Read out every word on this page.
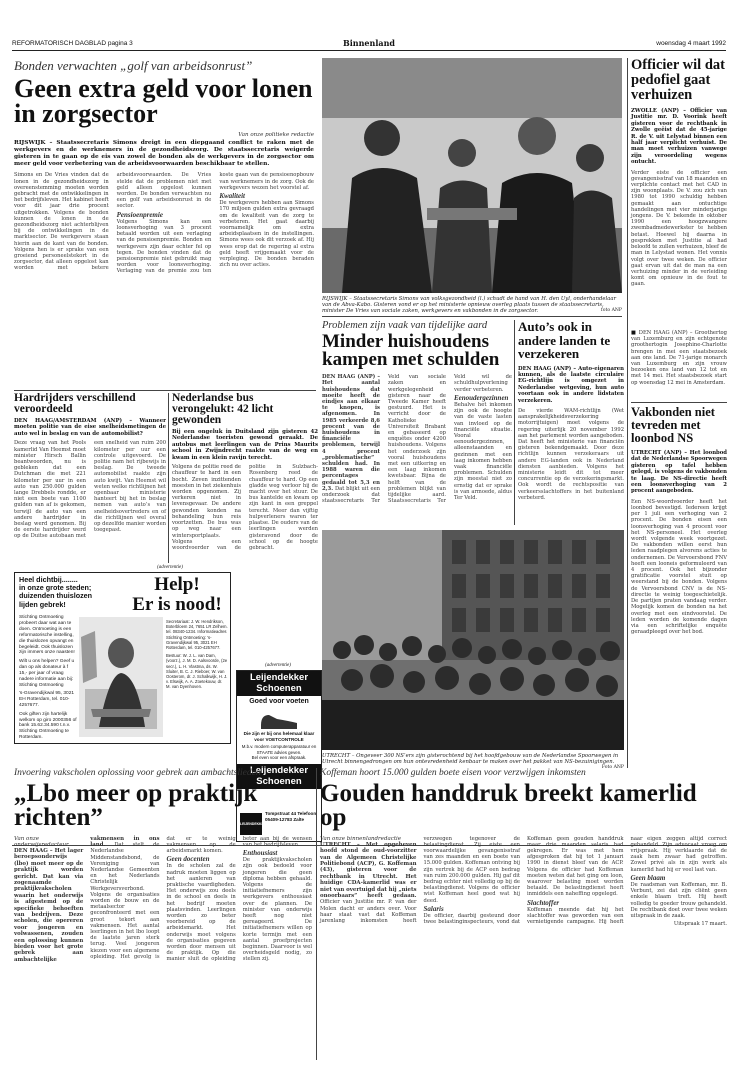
REFORMATORISCH DAGBLAD pagina 3	Binnenland	woensdag 4 maart 1992
Bonden verwachten „golf van arbeidsonrust”
Geen extra geld voor lonen in zorgsector
Van onze politieke redactie
RIJSWIJK – Staatssecretaris Simons dreigt in een diepgaand conflict te raken met de werkgevers en de werknemers in de gezondheidszorg. De staatssecretaris weigerde gisteren in te gaan op de eis van zowel de bonden als de werkgevers in de zorgsector om meer geld voor verbetering van de arbeidsvoorwaarden beschikbaar te stellen.
Simons en De Vries vinden dat de lonen in de gezondheidszorg in overeenstemming moeten worden gebracht met de ontwikkelingen in het bedrijfsleven. Het kabinet heeft voor dit jaar drie procent uitgetrokken. Volgens de bonden kunnen de lonen in de gezondheidszorg niet achterblijven bij de ontwikkelingen in de marktsector. De werkgevers staan hierin aan de kant van de bonden. Volgens hen is er sprake van een groeiend personeelstekort in de zorgsector, dat alleen opgelost kan worden met betere arbeidsvoorwaarden. De Vries stelde dat de problemen niet met geld alleen opgelost kunnen worden. De bonden verwachten nu een golf van arbeidsonrust in de sector.
Pensioenpremie
Volgens Simons kan een loonsverhoging van 3 procent betaald worden uit een verlaging van de pensioenpremie. Bonden en werkgevers zijn daar echter fel op tegen. De bonden vinden dat de pensioenpremie niet gebruikt mag worden voor loonsverhoging. Verlaging van de premie zou ten koste gaan van de pensioenopbouw van werknemers in de zorg. Ook de werkgevers wezen het voorstel af.
Kwaliteit
De werkgevers hebben aan Simons 170 miljoen gulden extra gevraagd om de kwaliteit van de zorg te verbeteren. Het gaat daarbij voornamelijk om extra arbeidsplaatsen in de instellingen. Simons wees ook dit verzoek af. Hij wees erop dat de regering al extra geld heeft vrijgemaakt voor de verpleging. De bonden beraden zich nu over acties.
Hardrijders verschillend veroordeeld
DEN HAAG/AMSTERDAM (ANP) – Wanneer moeten politie van de eise snelheidsmetingen de auto wel in beslag en van de automobilist?
Deze vraag van het Pools kamerlid Van Heemst moet minister Hirsch Ballin beantwoorden, nu is gebleken dat een Dutchman die met 221 kilometer per uur in een auto van 250.000 gulden lange Drebbels rondde, er niet een boete van 1100 gulden van af is gekomen, terwijl de auto van een andere hardrijder in beslag werd genomen. Bij de eerste hardrijder werd op de Duitse autobaan met een snelheid van ruim 200 kilometer per uur een controle uitgevoerd. De politie nam het rijbewijs in beslag. De tweede automobilist raakte zijn auto kwijt. Van Heemst wil weten welke richtlijnen het openbaar ministerie hanteert bij het in beslag nemen van auto’s van snelheidsovertreders en of die richtlijnen wel overal op dezelfde manier worden toegepast.
Nederlandse bus verongelukt: 42 licht gewonden
Bij een ongeluk in Duitsland zijn gisteren 42 Nederlandse toeristen gewond geraakt. De autobus met leerlingen van de Prins Maurits school in Zwijndrecht raakte van de weg en kwam in een klein ravijn terecht.
Volgens de politie reed de chauffeur te hard in een bocht. Zeven inzittenden moesten in het ziekenhuis worden opgenomen. Zij verkeren niet in levensgevaar. De andere gewonden konden na behandeling hun reis voortzetten. De bus was op weg naar een wintersportplaats. Volgens een woordvoerder van de politie in Sulzbach-Rosenberg reed de chauffeur te hard. Op een gladde weg verloor hij de macht over het stuur. De bus kantelde en kwam op zijn kant in een greppel terecht. Meer dan vijftig hulpverleners waren ter plaatse. De ouders van de leerlingen werden gisteravond door de school op de hoogte gebracht.
(advertentie)
Heel dichtbij........
in onze grote steden;
duizenden thuislozen
lijden gebrek!
Help!
Er is nood!
Stichting Ontmoeting probeert daar wat aan te doen. Ontmoeting is een reformatorische instelling, die thuislozen opvangt en begeleidt. Ook thuislozen zijn immers onze naasten!
Wilt u ons helpen? Geef u dan op als donateur à f 15,- per jaar of vraag nadere informatie aan bij: Stichting Ontmoeting
's-Gravendijkwal 95, 3021 EH Rotterdam, tel. 010-4257677.
Ook giften zijn hartelijk welkom op giro 2000356 of bank 15.62.34.590 t.n.v. Stichting Ontmoeting te Rotterdam.
Secretariaat: J. W. Hendrikson, Boterbloem 24, 7651 LR Zelhem. tel. 08340-1234. Informatieadres Stichting Ontmoeting: 's-Gravendijkwal 95, 3021 EH Rotterdam, tel. 010-4257677.
Bestuur: W. J. L. van Dam, (voorz.), J. M. D. Aalsvoorde, (2e secr.), L. H. Vlastma, ds. W. Sluiter, B. C. J. Rieboer, W. van Oosterom, dr. J. Schalkwijk, H. J. v. Elswijk, A. A. Zoetekouw, dr. M. van Dyenhoven.
(advertentie)
Leijendekker
Schoenen
Goed voor voeten
Die zijn er bij ons helemaal klaar voor VOETCONTROLE
M.b.v. modern computerapparatuur en STAATE advies geven.
Bel even voor een afspraak.
Leijendekker
Schoenen
LEIJENDEKKER
Tompstraat 44 Telefoon 05409-12783 Zalte
RIJSWIJK – Staatssecretaris Simons van volksgezondheid (l.) schudt de hand van H. den Uyl, onderhandelaar van de Abva-Kabo. Gisteren vond er op het ministerie opnieuw overleg plaats tussen de staatssecretaris, minister De Vries van sociale zaken, werkgevers en vakbonden in de zorgsector.	foto ANP
Problemen zijn vaak van tijdelijke aard
Minder huishoudens kampen met schulden
DEN HAAG (ANP) – Het aantal huishoudens dat moeite heeft de eindjes aan elkaar te knopen, is afgenomen. In 1985 verkeerde 8,6 procent van de huishoudens in financiële problemen, terwijl 4 procent „problematische” schulden had. In 1988 waren die percentages gedaald tot 5,3 en 2,3. Dat blijkt uit een onderzoek dat staatssecretaris Ter Veld van sociale zaken en werkgelegenheid gisteren naar de Tweede Kamer heeft gestuurd. Het is verricht door de Katholieke Universiteit Brabant en gebaseerd op enquêtes onder 4200 huishoudens. Volgens het onderzoek zijn vooral huishoudens met een uitkering en een laag inkomen kwetsbaar. Bijna de helft van de problemen blijkt van tijdelijke aard. Staatssecretaris Ter Veld wil de schuldhulpverlening verder verbeteren.
Eenoudergezinnen
Behalve het inkomen zijn ook de hoogte van de vaste lasten van invloed op de financiële situatie. Vooral eenoudergezinnen, alleenstaanden en gezinnen met een laag inkomen hebben vaak financiële problemen. Schulden zijn meestal niet zo ernstig dat er sprake is van armoede, aldus Ter Veld.
Auto’s ook in andere landen te verzekeren
DEN HAAG (ANP) – Auto-eigenaren kunnen, als de laatste circulaire EG-richtlijn is omgezet in Nederlandse wetgeving, hun auto voortaan ook in andere lidstaten verzekeren.
De vierde WAM-richtlijn (Wet aansprakelijkheidsverzekering motorrijtuigen) moet volgens de regering uiterlijk 20 november 1992 aan het parlement worden aangeboden. Dat heeft het ministerie van financiën gisteren bekendgemaakt. Door deze richtlijn kunnen verzekeraars uit andere EG-landen ook in Nederland diensten aanbieden. Volgens het ministerie leidt dit tot meer concurrentie op de verzekeringsmarkt. Ook wordt de rechtspositie van verkeersslachtoffers in het buitenland verbeterd.
UTRECHT – Ongeveer 300 NS’ers zijn gisterochtend bij het hoofdgebouw van de Nederlandse Spoorwegen in Utrecht binnengedrongen om hun ontevredenheid kenbaar te maken over het pakket van NS-bezuinigingen.
Foto ANP
Officier wil dat pedofiel gaat verhuizen
ZWOLLE (ANP) – Officier van Justitie mr. D. Voorink heeft gisteren voor de rechtbank in Zwolle geëist dat de 45-jarige R. de V. uit Lelystad binnen een half jaar verplicht verhuist. De man moet verhuizen vanwege zijn veroordeling wegens ontucht.
Verder eiste de officier een gevangenisstraf van 18 maanden en verplichte contact met het CAD in zijn woonplaats. De V. zou zich van 1980 tot 1990 schuldig hebben gemaakt aan ontuchtige handelingen met vier minderjarige jongens. De V. bekende in oktober 1990 een hoogzwangere zwembadmedewerkster te hebben betast. Hoewel hij daarna in gesprekken met Justitie al had beloofd te zullen verhuizen, bleef de man in Lelystad wonen. Het vonnis volgt over twee weken. De officier gaat ervan uit dat de man na een verhuizing minder in de verleiding komt om opnieuw in de fout te gaan.
■ DEN HAAG (ANP) – Groothertog van Luxemburg en zijn echtgenote groothertogin Josephine-Charlotte brengen in mei een staatsbezoek aan ons land. De 71-jarige monarch van Luxemburg en zijn vrouw bezoeken ons land van 12 tot en met 14 mei. Het staatsbezoek start op woensdag 12 mei in Amsterdam.
Vakbonden niet tevreden met loonbod NS
UTRECHT (ANP) – Het loonbod dat de Nederlandse Spoorwegen gisteren op tafel hebben gelegd, is volgens de vakbonden te laag. De NS-directie heeft een loonsverhoging van 2 procent aangeboden.
Een NS-woordvoerder heeft het loonbod bevestigd. Iedereen krijgt per 1 juli een verhoging van 2 procent. De bonden eisen een loonsverhoging van 4 procent voor het NS-personeel. Het overleg wordt volgende week voortgezet. De vakbonden willen eerst hun leden raadplegen alvorens acties te ondernemen. De Vervoersbond FNV heeft een looneis geformuleerd van 4 procent. Ook het bijzonder gratificatie voorstel stuit op weerstand bij de bonden. Volgens de Vervoersbond CNV is de NS-directie te weinig toegeschietelijk. De partijen praten vandaag verder. Mogelijk komen de bonden na het overleg met een eindvoorstel. De leden worden de komende dagen via een schriftelijke enquête geraadpleegd over het bod.
Invoering vakscholen oplossing voor gebrek aan ambachtslieden
„Lbo meer op praktijk richten”
Van onze onderwijsredacteur
DEN HAAG – Het lager beroepsonderwijs (lbo) moet meer op de praktijk worden gericht. Dat kan via zogenaamde praktijkvakscholen waarin het onderwijs is afgestemd op de specifieke behoeften van bedrijven. Deze scholen, die opereren voor jongeren en volwassenen, zouden een oplossing kunnen bieden voor het grote gebrek aan ambachtelijke vakmensen in ons land. Dat stelt de Nederlandse Middenstandsbond, de Vereniging van Nederlandse Gemeenten en het Nederlands Christelijk Werkgeversverbond. Volgens de organisaties worden de bouw en de metaalsector geconfronteerd met een groot tekort aan vakmensen. Het aantal leerlingen in het lbo loopt de laatste jaren sterk terug. Veel jongeren kiezen voor een algemene opleiding. Het gevolg is dat er te weinig vakmensen op de arbeidsmarkt komen.
Geen docenten
In de scholen zal de nadruk moeten liggen op het aanleren van praktische vaardigheden. Het onderwijs zou deels in de school en deels in het bedrijf moeten plaatsvinden. Leerlingen worden zo beter voorbereid op de arbeidsmarkt.	Het onderwijs moet volgens de organisaties gegeven worden door mensen uit de praktijk. Op die manier sluit de opleiding beter aan bij de wensen van het bedrijfsleven.
Enthousiast
De praktijkvakscholen zijn ook bedoeld voor jongeren die geen diploma hebben gehaald. Volgens de initiatiefnemers zijn werkgevers enthousiast over de plannen. De minister van onderwijs heeft nog niet gereageerd.	De initiatiefnemers willen op korte termijn met een aantal proefprojecten beginnen. Daarvoor is wel overheidsgeld nodig, zo stellen zij.
Koffeman hoort 15.000 gulden boete eisen voor verzwijgen inkomsten
Gouden handdruk breekt kamerlid op
Van onze binnenlandredactie
UTRECHT – Met opgeheven hoofd stond de oud-voorzitter van de Algemeen Christelijke Politiebond (ACP), G. Koffeman (43), gisteren voor de rechtbank in Utrecht. Het huidige CDA-kamerlid was er niet van overtuigd dat hij „niets onoorbaars” heeft gedaan. Officier van Justitie mr. P. van der Molen dacht er anders over. Voor haar staat vast dat Koffeman jarenlang inkomsten heeft verzwegen tegenover de belastingdienst. Zij eiste een voorwaardelijke gevangenisstraf van zes maanden en een boete van 15.000 gulden. Koffeman ontving bij zijn vertrek bij de ACP een bedrag van ruim 200.000 gulden. Hij gaf dit bedrag echter niet volledig op bij de belastingdienst. Volgens de officier wist Koffeman heel goed wat hij deed.
Salaris
De officier, daarbij gesteund door twee belastinginspecteurs, vond dat Koffeman geen gouden handdruk maar drie maanden salaris had gekregen. Er was met hem afgesproken dat hij tot 1 januari 1990 in dienst bleef van de ACP. Volgens de officier had Koffeman moeten weten dat het ging om loon, waarover belasting moet worden betaald. De belastingdienst heeft inmiddels een naheffing opgelegd.
Slachtoffer
Koffeman meende dat hij het slachtoffer was geworden van een vernietigende campagne. Hij heeft naar eigen zeggen altijd correct gehandeld. Zijn advocaat vroeg om vrijspraak. Hij verklaarde dat de zaak hem zwaar had getroffen. Zowel privé als in zijn werk als kamerlid had hij er veel last van.
Geen blaam
De raadsman van Koffeman, mr. B. Verbunt, zei dat zijn cliënt geen enkele blaam treft. Hij heeft volledig te goeder trouw gehandeld. De rechtbank doet over twee weken uitspraak in de zaak.
Uitspraak 17 maart.
